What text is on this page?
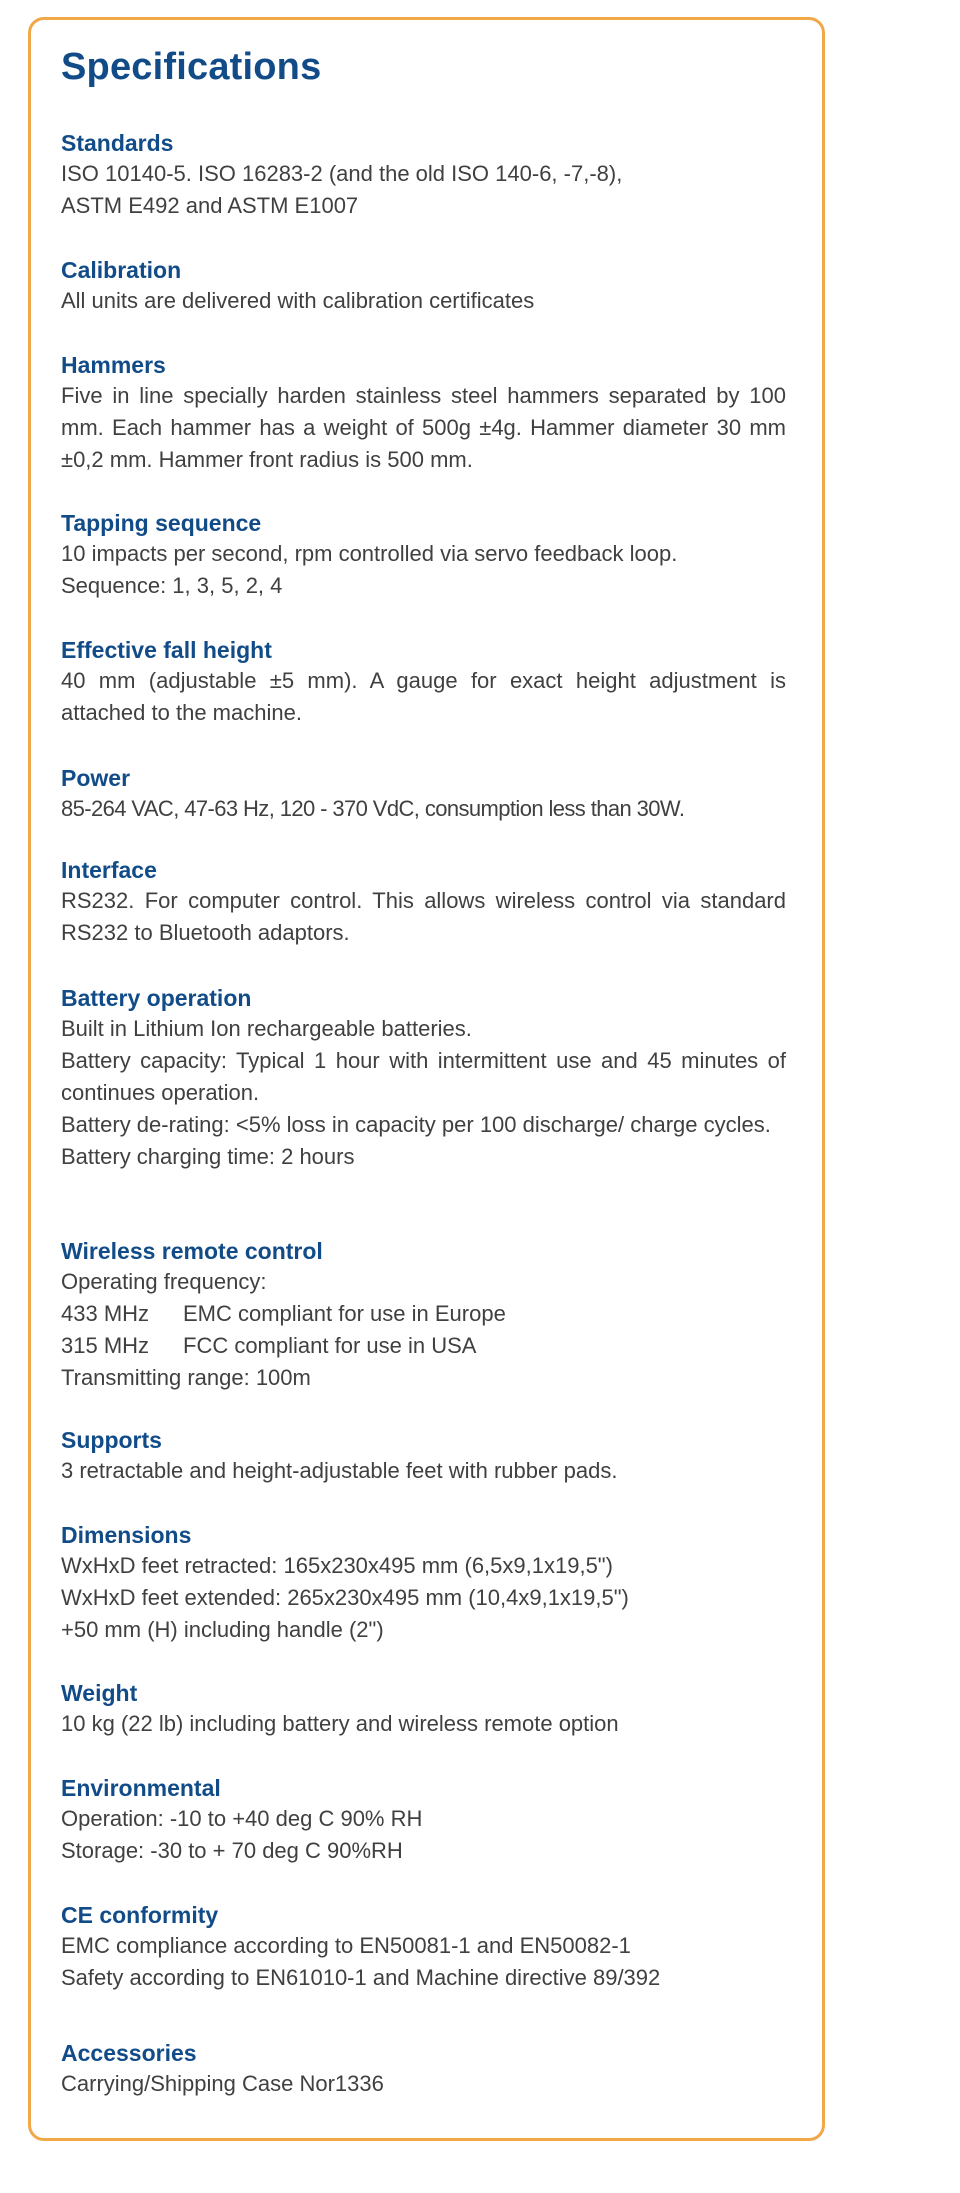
Specifications
Standards

ISO 10140-5. ISO 16283-2 (and the old ISO 140-6, -7,-8),

ASTM E492 and ASTM E1007

Calibration

All units are delivered with calibration certificates

Hammers

Five in line specially harden stainless steel hammers separated by 100 mm. Each hammer has a weight of 500g ±4g. Hammer diameter 30 mm ±0,2 mm. Hammer front radius is 500 mm.

Tapping sequence

10 impacts per second, rpm controlled via servo feedback loop.

Sequence: 1, 3, 5, 2, 4

Effective fall height

40 mm (adjustable ±5 mm). A gauge for exact height adjustment is attached to the machine.

Power

85-264 VAC, 47-63 Hz, 120 - 370 VdC, consumption less than 30W.

Interface

RS232. For computer control. This allows wireless control via standard RS232 to Bluetooth adaptors.

Battery operation

Built in Lithium Ion rechargeable batteries.

Battery capacity: Typical 1 hour with intermittent use and 45 minutes of continues operation.

Battery de-rating: <5% loss in capacity per 100 discharge/ charge cycles.

Battery charging time: 2 hours

Wireless remote control

Operating frequency:

433 MHz EMC compliant for use in Europe

315 MHz FCC compliant for use in USA

Transmitting range: 100m

Supports

3 retractable and height-adjustable feet with rubber pads.

Dimensions

WxHxD feet retracted: 165x230x495 mm (6,5x9,1x19,5")

WxHxD feet extended: 265x230x495 mm (10,4x9,1x19,5")

+50 mm (H) including handle (2")

Weight

10 kg (22 lb) including battery and wireless remote option

Environmental

Operation: -10 to +40 deg C 90% RH

Storage: -30 to + 70 deg C 90%RH

CE conformity

EMC compliance according to EN50081-1 and EN50082-1

Safety according to EN61010-1 and Machine directive 89/392

Accessories

Carrying/Shipping Case Nor1336
